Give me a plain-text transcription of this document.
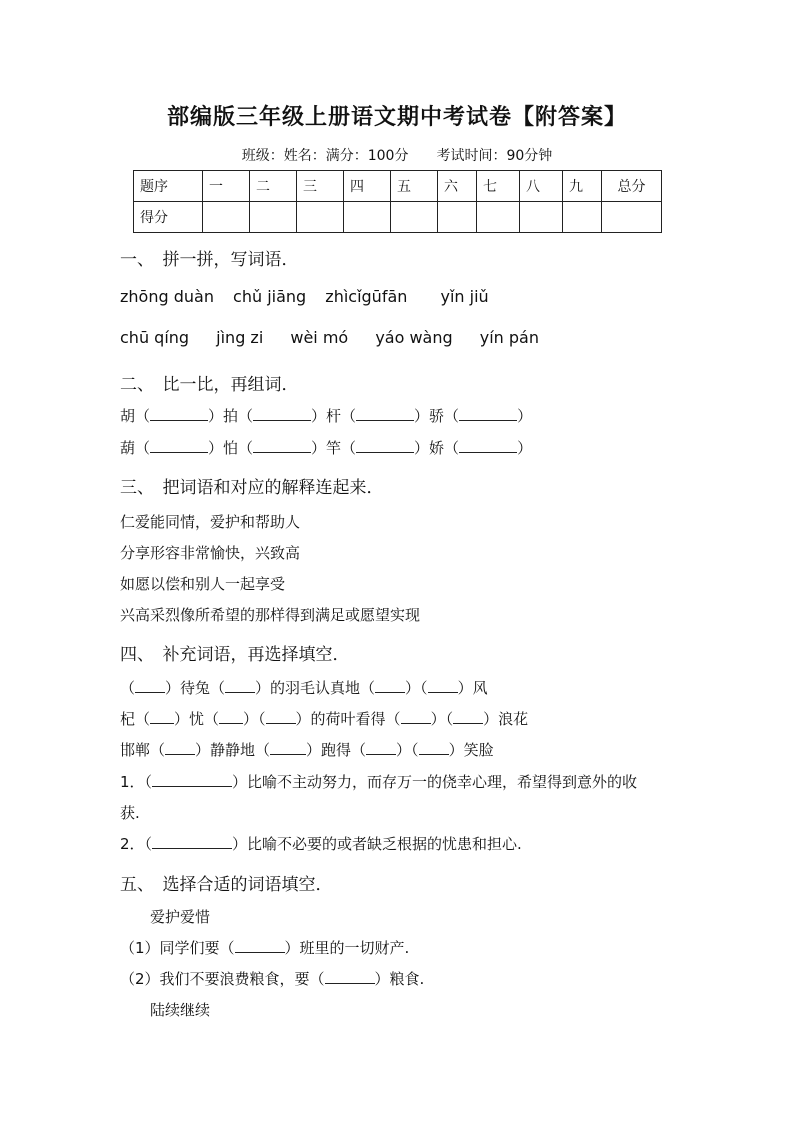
部编版三年级上册语文期中考试卷【附答案】
班级：姓名：满分：100分　　考试时间：90分钟
题序	一	二	三	四	五	六	七	八	九	总分
得分										
一、　拼一拼，写词语．
zhōng duàn chǔ jiāng zhìcǐgūfān yǐn jiǔ
chū qíng jìng zi wèi mó yáo wàng yín pán
二、　比一比，再组词．
胡（	）拍（	）杆（	）骄（	）
葫（	）怕（	）竿（	）娇（	）
三、　把词语和对应的解释连起来．
仁爱能同情，爱护和帮助人
分享形容非常愉快，兴致高
如愿以偿和别人一起享受
兴高采烈像所希望的那样得到满足或愿望实现
四、　补充词语，再选择填空．
（ ）待兔（ ）的羽毛认真地（ ）（ ）风
杞（ ）忧（ ）（ ）的荷叶看得（ ）（ ）浪花
邯郸（ ）静静地（ ）跑得（ ）（ ）笑脸
1．（	）比喻不主动努力，而存万一的侥幸心理，希望得到意外的收
获.
2．（	）比喻不必要的或者缺乏根据的忧患和担心.
五、　选择合适的词语填空．
爱护爱惜
（1）同学们要（	）班里的一切财产.
（2）我们不要浪费粮食，要（	）粮食.
陆续继续
